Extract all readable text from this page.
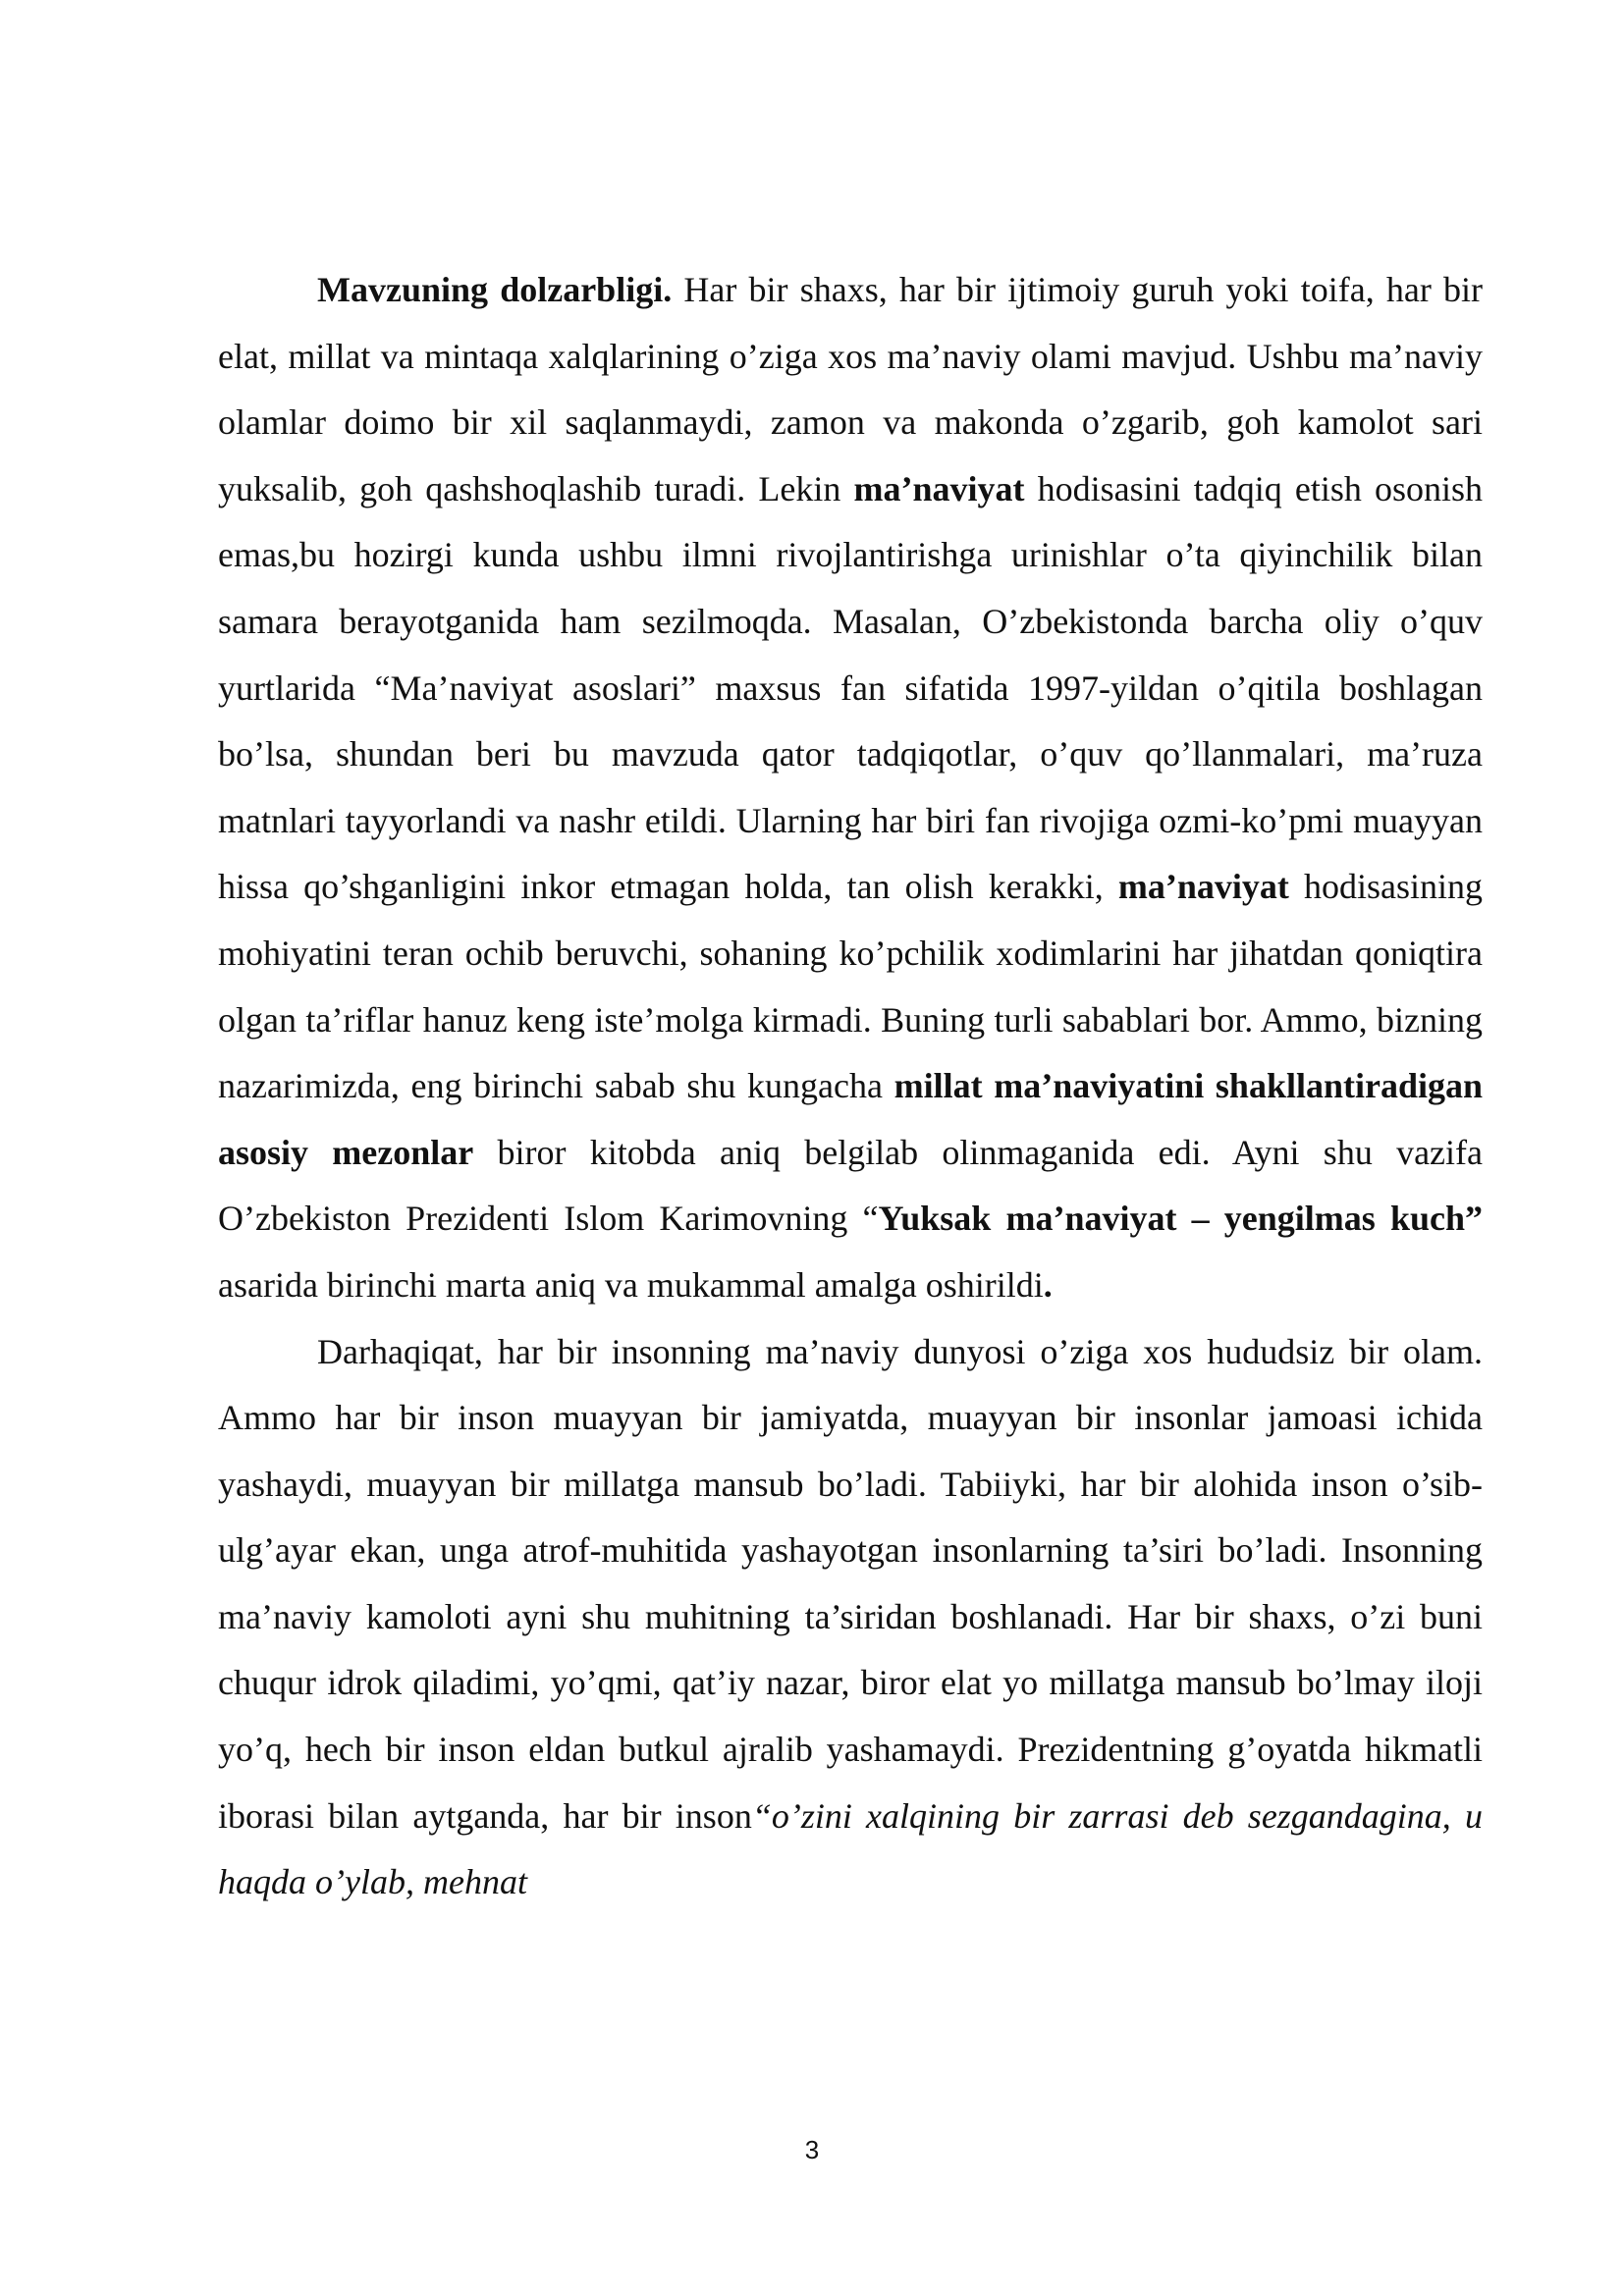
Mavzuning dolzarbligi. Har bir shaxs, har bir ijtimoiy guruh yoki toifa, har bir elat, millat va mintaqa xalqlarining o’ziga xos ma’naviy olami mavjud. Ushbu ma’naviy olamlar doimo bir xil saqlanmaydi, zamon va makonda o’zgarib, goh kamolot sari yuksalib, goh qashshoqlashib turadi. Lekin ma’naviyat hodisasini tadqiq etish osonish emas,bu hozirgi kunda ushbu ilmni rivojlantirishga urinishlar o’ta qiyinchilik bilan samara berayotganida ham sezilmoqda. Masalan, O’zbekistonda barcha oliy o’quv yurtlarida “Ma’naviyat asoslari” maxsus fan sifatida 1997-yildan o’qitila boshlagan bo’lsa, shundan beri bu mavzuda qator tadqiqotlar, o’quv qo’llanmalari, ma’ruza matnlari tayyorlandi va nashr etildi. Ularning har biri fan rivojiga ozmi-ko’pmi muayyan hissa qo’shganligini inkor etmagan holda, tan olish kerakki, ma’naviyat hodisasining mohiyatini teran ochib beruvchi, sohaning ko’pchilik xodimlarini har jihatdan qoniqtira olgan ta’riflar hanuz keng iste’molga kirmadi. Buning turli sabablari bor. Ammo, bizning nazarimizda, eng birinchi sabab shu kungacha millat ma’naviyatini shakllantiradigan asosiy mezonlar biror kitobda aniq belgilab olinmaganida edi. Ayni shu vazifa O’zbekiston Prezidenti Islom Karimovning “Yuksak ma’naviyat – yengilmas kuch” asarida birinchi marta aniq va mukammal amalga oshirildi.

Darhaqiqat, har bir insonning ma’naviy dunyosi o’ziga xos hududsiz bir olam. Ammo har bir inson muayyan bir jamiyatda, muayyan bir insonlar jamoasi ichida yashaydi, muayyan bir millatga mansub bo’ladi. Tabiiyki, har bir alohida inson o’sib-ulg’ayar ekan, unga atrof-muhitida yashayotgan insonlarning ta’siri bo’ladi. Insonning ma’naviy kamoloti ayni shu muhitning ta’siridan boshlanadi. Har bir shaxs, o’zi buni chuqur idrok qiladimi, yo’qmi, qat’iy nazar, biror elat yo millatga mansub bo’lmay iloji yo’q, hech bir inson eldan butkul ajralib yashamaydi. Prezidentning g’oyatda hikmatli iborasi bilan aytganda, har bir inson“o’zini xalqining bir zarrasi deb sezgandagina, u haqda o’ylab, mehnat

3
